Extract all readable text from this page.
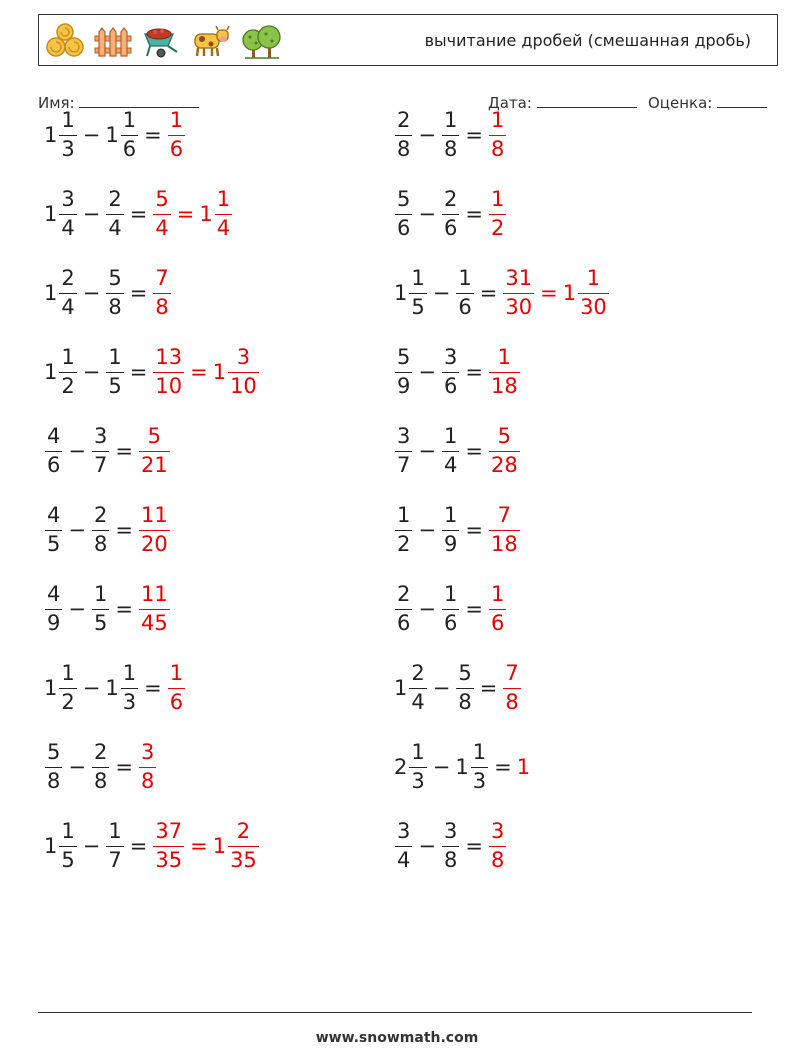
вычитание дробей (смешанная дробь)
Имя:	Дата:	Оценка:
$1 \frac{1}{3} - 1 \frac{1}{6} = \frac{1}{6}$
$1 \frac{3}{4} - \frac{2}{4} = \frac{5}{4} = 1 \frac{1}{4}$
$1 \frac{2}{4} - \frac{5}{8} = \frac{7}{8}$
$1 \frac{1}{2} - \frac{1}{5} = \frac{13}{10} = 1 \frac{3}{10}$
$\frac{4}{6} - \frac{3}{7} = \frac{5}{21}$
$\frac{4}{5} - \frac{2}{8} = \frac{11}{20}$
$\frac{4}{9} - \frac{1}{5} = \frac{11}{45}$
$1 \frac{1}{2} - 1 \frac{1}{3} = \frac{1}{6}$
$\frac{5}{8} - \frac{2}{8} = \frac{3}{8}$
$1 \frac{1}{5} - \frac{1}{7} = \frac{37}{35} = 1 \frac{2}{35}$
$\frac{2}{8} - \frac{1}{8} = \frac{1}{8}$
$\frac{5}{6} - \frac{2}{6} = \frac{1}{2}$
$1 \frac{1}{5} - \frac{1}{6} = \frac{31}{30} = 1 \frac{1}{30}$
$\frac{5}{9} - \frac{3}{6} = \frac{1}{18}$
$\frac{3}{7} - \frac{1}{4} = \frac{5}{28}$
$\frac{1}{2} - \frac{1}{9} = \frac{7}{18}$
$\frac{2}{6} - \frac{1}{6} = \frac{1}{6}$
$1 \frac{2}{4} - \frac{5}{8} = \frac{7}{8}$
$2 \frac{1}{3} - 1 \frac{1}{3} = 1$
$\frac{3}{4} - \frac{3}{8} = \frac{3}{8}$
www.snowmath.com
